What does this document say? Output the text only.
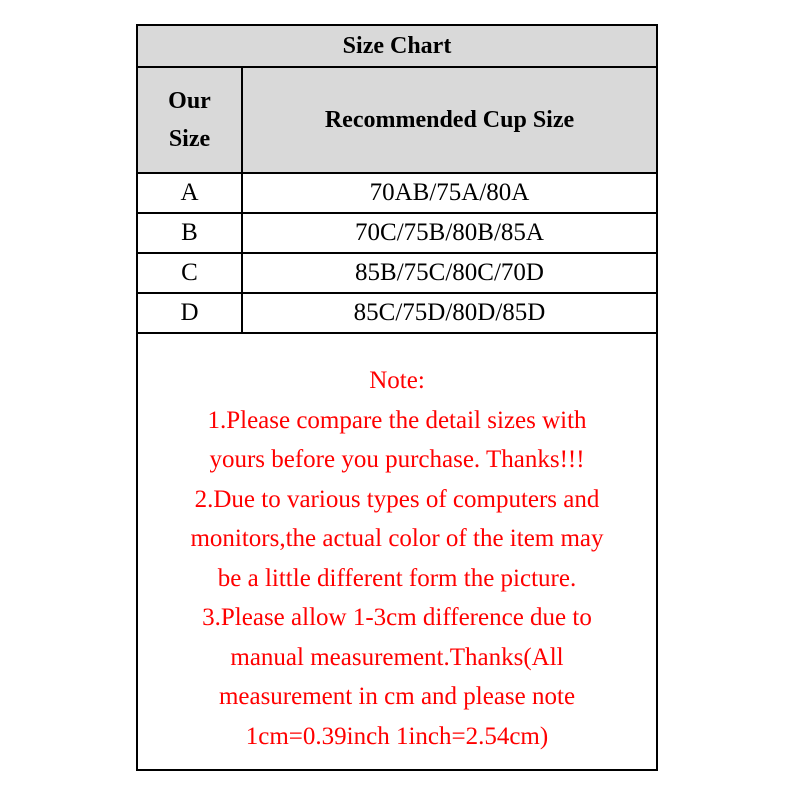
Size Chart
Our
Size	Recommended Cup Size
A	70AB/75A/80A
B	70C/75B/80B/85A
C	85B/75C/80C/70D
D	85C/75D/80D/85D
Note:
1.Please compare the detail sizes with
yours before you purchase. Thanks!!!
2.Due to various types of computers and
monitors,the actual color of the item may
be a little different form the picture.
3.Please allow 1-3cm difference due to
manual measurement.Thanks(All
measurement in cm and please note
1cm=0.39inch 1inch=2.54cm)
